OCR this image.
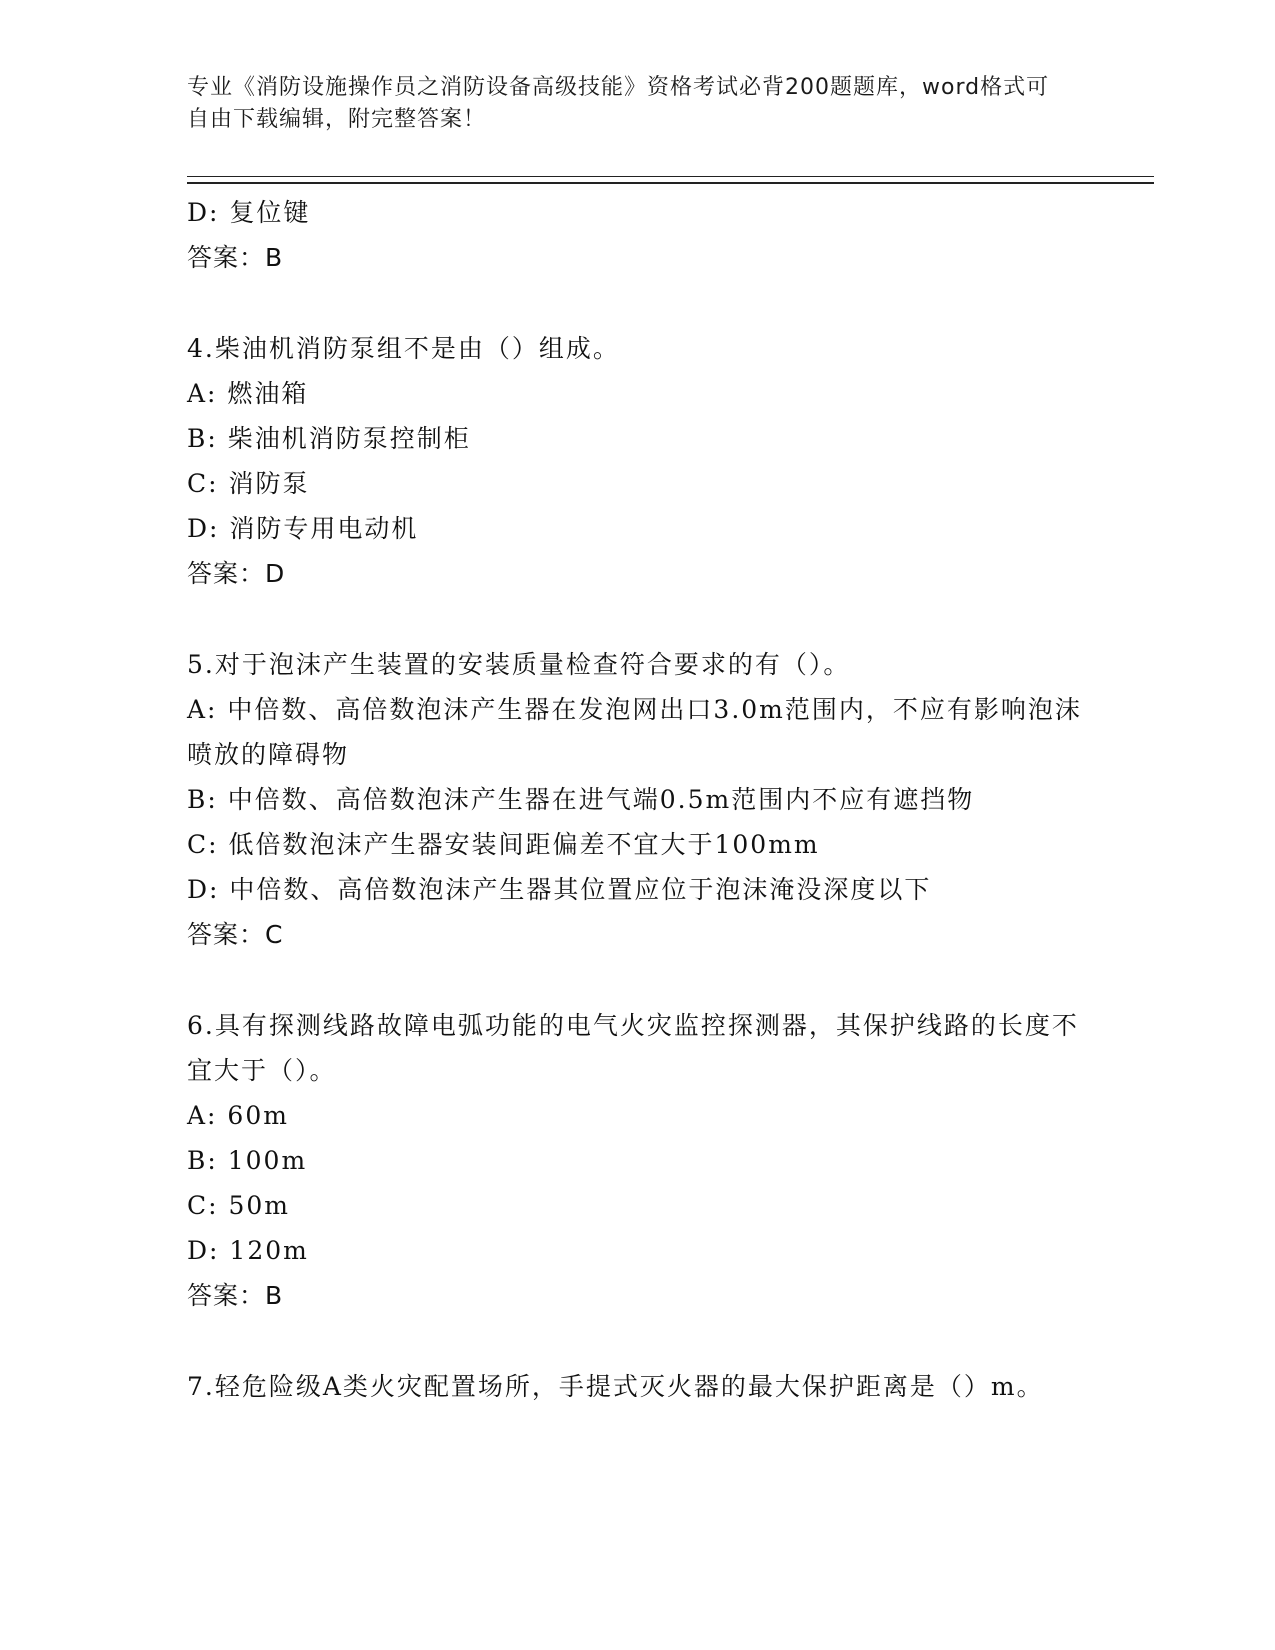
专业《消防设施操作员之消防设备高级技能》资格考试必背200题题库，word格式可自由下载编辑，附完整答案！
D: 复位键
答案：B
4.柴油机消防泵组不是由（）组成。
A: 燃油箱
B: 柴油机消防泵控制柜
C: 消防泵
D: 消防专用电动机
答案：D
5.对于泡沫产生装置的安装质量检查符合要求的有（）。
A: 中倍数、高倍数泡沫产生器在发泡网出口3.0m范围内，不应有影响泡沫喷放的障碍物
B: 中倍数、高倍数泡沫产生器在进气端0.5m范围内不应有遮挡物
C: 低倍数泡沫产生器安装间距偏差不宜大于100mm
D: 中倍数、高倍数泡沫产生器其位置应位于泡沫淹没深度以下
答案：C
6.具有探测线路故障电弧功能的电气火灾监控探测器，其保护线路的长度不宜大于（）。
A: 60m
B: 100m
C: 50m
D: 120m
答案：B
7.轻危险级A类火灾配置场所，手提式灭火器的最大保护距离是（）m。
